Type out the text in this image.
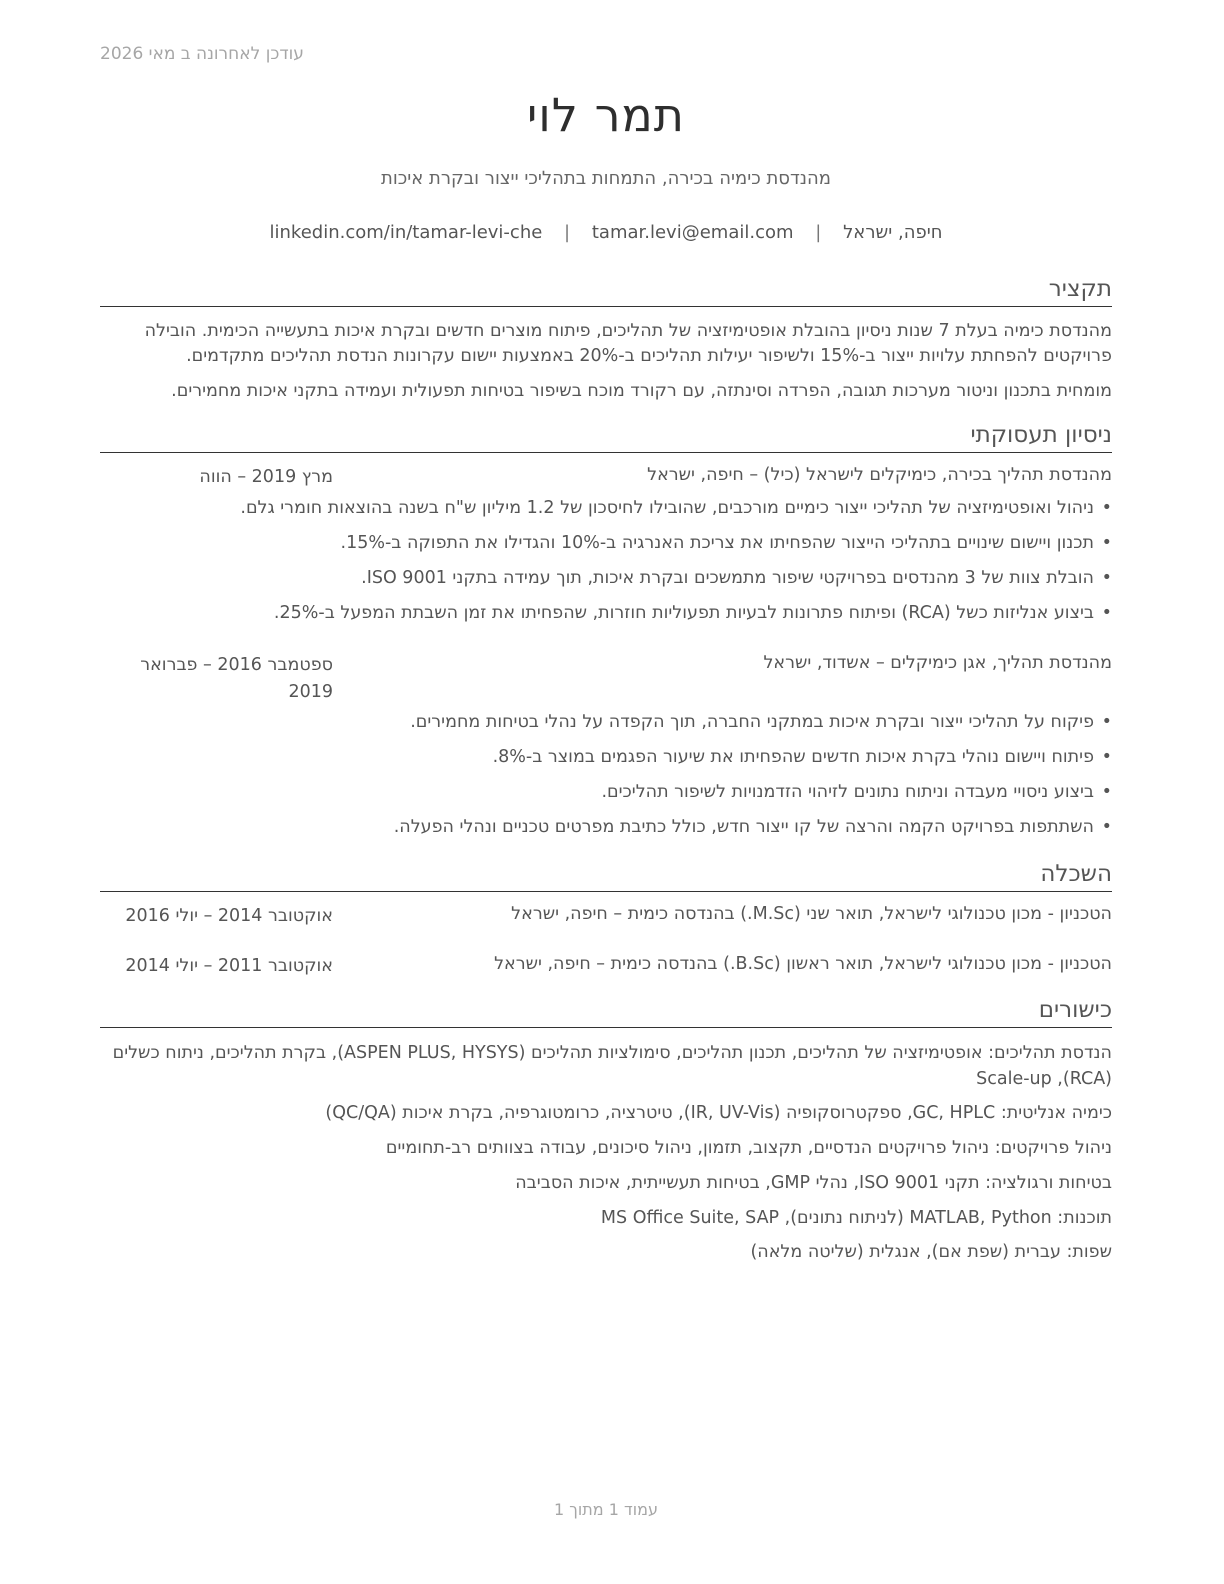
עודכן לאחרונה ב מאי 2026
תמר לוי
מהנדסת כימיה בכירה, התמחות בתהליכי ייצור ובקרת איכות
חיפה, ישראל | tamar.levi@email.com | linkedin.com/in/tamar-levi-che
תקציר
מהנדסת כימיה בעלת 7 שנות ניסיון בהובלת אופטימיזציה של תהליכים, פיתוח מוצרים חדשים ובקרת איכות בתעשייה הכימית. הובילה פרויקטים להפחתת עלויות ייצור ב-15% ולשיפור יעילות תהליכים ב-20% באמצעות יישום עקרונות הנדסת תהליכים מתקדמים.
מומחית בתכנון וניטור מערכות תגובה, הפרדה וסינתזה, עם רקורד מוכח בשיפור בטיחות תפעולית ועמידה בתקני איכות מחמירים.
ניסיון תעסוקתי
מהנדסת תהליך בכירה, כימיקלים לישראל (כיל) – חיפה, ישראל
מרץ 2019 – הווה
• ניהול ואופטימיזציה של תהליכי ייצור כימיים מורכבים, שהובילו לחיסכון של 1.2 מיליון ש"ח בשנה בהוצאות חומרי גלם.
• תכנון ויישום שינויים בתהליכי הייצור שהפחיתו את צריכת האנרגיה ב-10% והגדילו את התפוקה ב-15%.
• הובלת צוות של 3 מהנדסים בפרויקטי שיפור מתמשכים ובקרת איכות, תוך עמידה בתקני ISO 9001.
• ביצוע אנליזות כשל (RCA) ופיתוח פתרונות לבעיות תפעוליות חוזרות, שהפחיתו את זמן השבתת המפעל ב-25%.
מהנדסת תהליך, אגן כימיקלים – אשדוד, ישראל
ספטמבר 2016 – פברואר 2019
• פיקוח על תהליכי ייצור ובקרת איכות במתקני החברה, תוך הקפדה על נהלי בטיחות מחמירים.
• פיתוח ויישום נוהלי בקרת איכות חדשים שהפחיתו את שיעור הפגמים במוצר ב-8%.
• ביצוע ניסויי מעבדה וניתוח נתונים לזיהוי הזדמנויות לשיפור תהליכים.
• השתתפות בפרויקט הקמה והרצה של קו ייצור חדש, כולל כתיבת מפרטים טכניים ונהלי הפעלה.
השכלה
הטכניון - מכון טכנולוגי לישראל, תואר שני (M.Sc.) בהנדסה כימית – חיפה, ישראל
אוקטובר 2014 – יולי 2016
הטכניון - מכון טכנולוגי לישראל, תואר ראשון (B.Sc.) בהנדסה כימית – חיפה, ישראל
אוקטובר 2011 – יולי 2014
כישורים
הנדסת תהליכים: אופטימיזציה של תהליכים, תכנון תהליכים, סימולציות תהליכים (ASPEN PLUS, HYSYS), בקרת תהליכים, ניתוח כשלים (RCA), Scale-up
כימיה אנליטית: GC, HPLC, ספקטרוסקופיה (IR, UV-Vis), טיטרציה, כרומטוגרפיה, בקרת איכות (QC/QA)
ניהול פרויקטים: ניהול פרויקטים הנדסיים, תקצוב, תזמון, ניהול סיכונים, עבודה בצוותים רב-תחומיים
בטיחות ורגולציה: תקני ISO 9001, נהלי GMP, בטיחות תעשייתית, איכות הסביבה
תוכנות: MATLAB, Python (לניתוח נתונים), MS Office Suite, SAP
שפות: עברית (שפת אם), אנגלית (שליטה מלאה)
עמוד 1 מתוך 1
